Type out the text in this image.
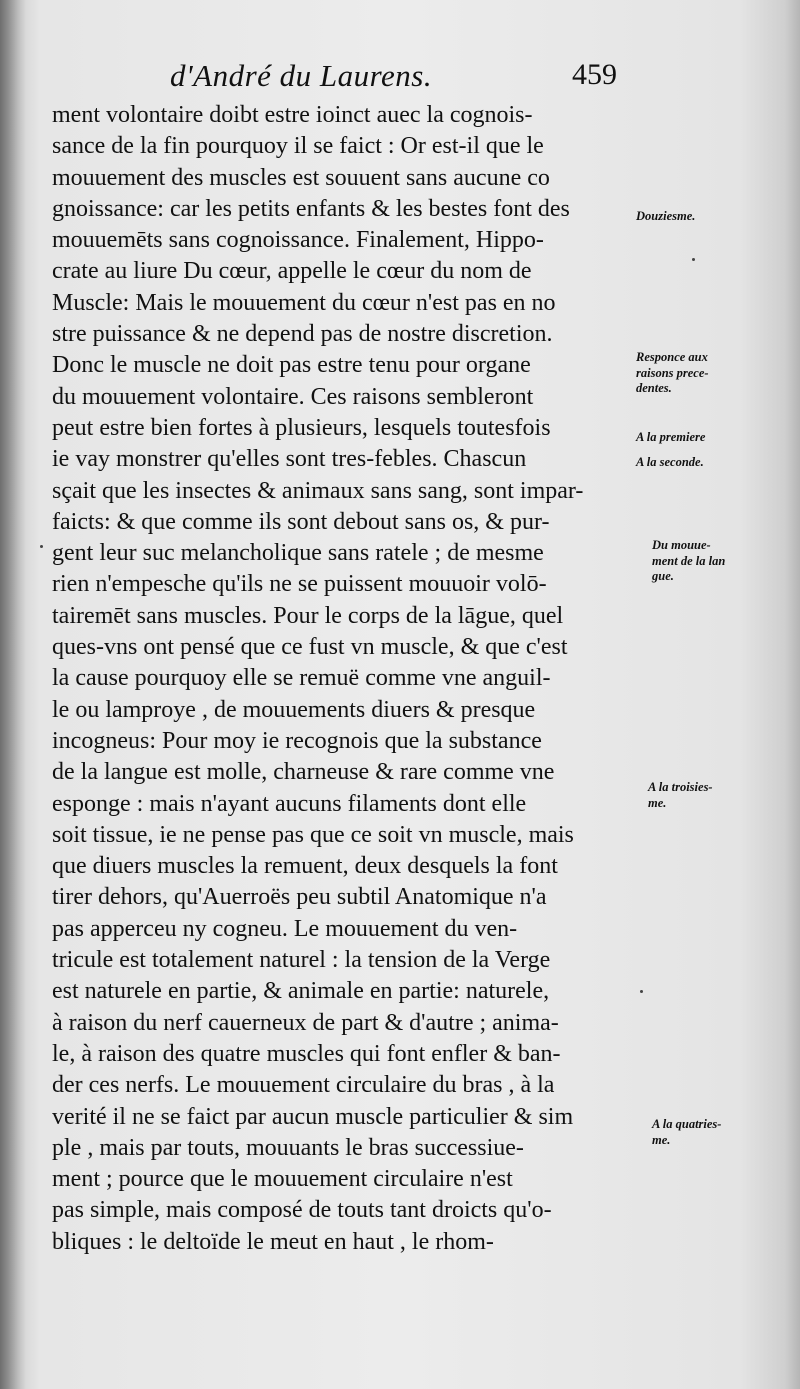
d'André du Laurens.	459
ment volontaire doibt estre ioinct auec la cognois-
sance de la fin pourquoy il se faict : Or est-il que le
mouuement des muscles est souuent sans aucune co
gnoissance: car les petits enfants & les bestes font des
mouuemēts sans cognoissance. Finalement, Hippo-
crate au liure Du cœur, appelle le cœur du nom de
Muscle: Mais le mouuement du cœur n'est pas en no
stre puissance & ne depend pas de nostre discretion.
Donc le muscle ne doit pas estre tenu pour organe
du mouuement volontaire. Ces raisons sembleront
peut estre bien fortes à plusieurs, lesquels toutesfois
ie vay monstrer qu'elles sont tres-febles. Chascun
sçait que les insectes & animaux sans sang, sont impar-
faicts: & que comme ils sont debout sans os, & pur-
gent leur suc melancholique sans ratele ; de mesme
rien n'empesche qu'ils ne se puissent mouuoir volō-
tairemēt sans muscles. Pour le corps de la lāgue, quel
ques-vns ont pensé que ce fust vn muscle, & que c'est
la cause pourquoy elle se remuë comme vne anguil-
le ou lamproye , de mouuements diuers & presque
incogneus: Pour moy ie recognois que la substance
de la langue est molle, charneuse & rare comme vne
esponge : mais n'ayant aucuns filaments dont elle
soit tissue, ie ne pense pas que ce soit vn muscle, mais
que diuers muscles la remuent, deux desquels la font
tirer dehors, qu'Auerroës peu subtil Anatomique n'a
pas apperceu ny cogneu. Le mouuement du ven-
tricule est totalement naturel : la tension de la Verge
est naturele en partie, & animale en partie: naturele,
à raison du nerf cauerneux de part & d'autre ; anima-
le, à raison des quatre muscles qui font enfler & ban-
der ces nerfs. Le mouuement circulaire du bras , à la
verité il ne se faict par aucun muscle particulier & sim
ple , mais par touts, mouuants le bras successiue-
ment ; pource que le mouuement circulaire n'est
pas simple, mais composé de touts tant droicts qu'o-
bliques : le deltoïde le meut en haut , le rhom-
Douziesme.
Responce aux
raisons prece-
dentes.
A la premiere
A la seconde.
Du mouue-
ment de la lan
gue.
A la troisies-
me.
A la quatries-
me.
